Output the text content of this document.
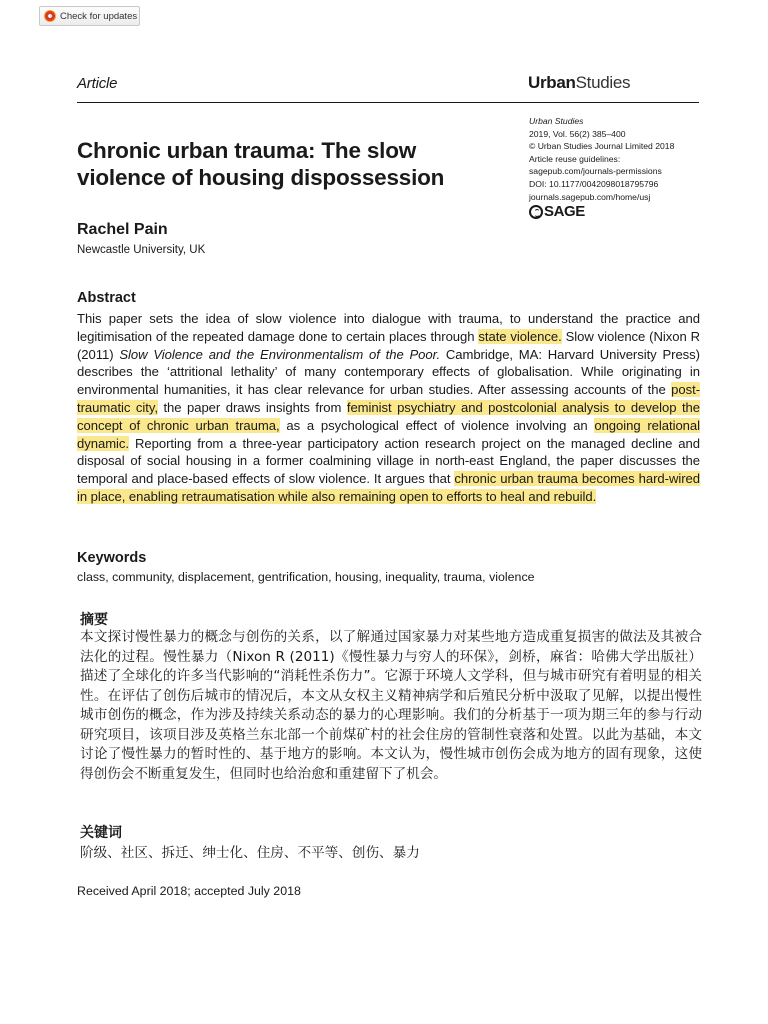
Check for updates
Article	UrbanStudies
Urban Studies
2019, Vol. 56(2) 385–400
© Urban Studies Journal Limited 2018
Article reuse guidelines:
sagepub.com/journals-permissions
DOI: 10.1177/0042098018795796
journals.sagepub.com/home/usj
SAGE
Chronic urban trauma: The slow violence of housing dispossession
Rachel Pain
Newcastle University, UK
Abstract
This paper sets the idea of slow violence into dialogue with trauma, to understand the practice and legitimisation of the repeated damage done to certain places through state violence. Slow violence (Nixon R (2011) Slow Violence and the Environmentalism of the Poor. Cambridge, MA: Harvard University Press) describes the ‘attritional lethality’ of many contemporary effects of globalisation. While originating in environmental humanities, it has clear relevance for urban studies. After assessing accounts of the post-traumatic city, the paper draws insights from feminist psychiatry and postcolonial analysis to develop the concept of chronic urban trauma, as a psychological effect of violence involving an ongoing relational dynamic. Reporting from a three-year participatory action research project on the managed decline and disposal of social housing in a former coalmining village in north-east England, the paper discusses the temporal and place-based effects of slow violence. It argues that chronic urban trauma becomes hard-wired in place, enabling retraumatisation while also remaining open to efforts to heal and rebuild.
Keywords
class, community, displacement, gentrification, housing, inequality, trauma, violence
摘要
本文探讨慢性暴力的概念与创伤的关系，以了解通过国家暴力对某些地方造成重复损害的做法及其被合法化的过程。慢性暴力（Nixon R (2011)《慢性暴力与穷人的环保》，剑桥，麻省：哈佛大学出版社）描述了全球化的许多当代影响的“消耗性杀伤力”。它源于环境人文学科，但与城市研究有着明显的相关性。在评估了创伤后城市的情况后，本文从女权主义精神病学和后殖民分析中汲取了见解，以提出慢性城市创伤的概念，作为涉及持续关系动态的暴力的心理影响。我们的分析基于一项为期三年的参与行动研究项目，该项目涉及英格兰东北部一个前煤矿村的社会住房的管制性衰落和处置。以此为基础，本文讨论了慢性暴力的暂时性的、基于地方的影响。本文认为，慢性城市创伤会成为地方的固有现象，这使得创伤会不断重复发生，但同时也给治愈和重建留下了机会。
关键词
阶级、社区、拆迁、绅士化、住房、不平等、创伤、暴力
Received April 2018; accepted July 2018
